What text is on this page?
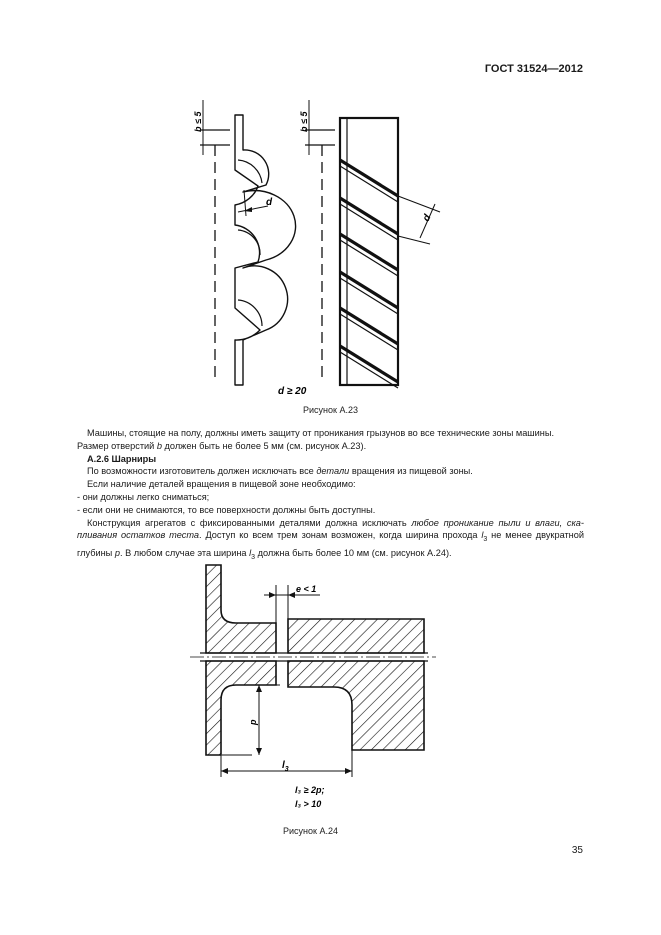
ГОСТ 31524—2012
b ≤ 5
d
b ≤ 5
d
d ≥ 20
Рисунок А.23

Машины, стоящие на полу, должны иметь защиту от проникания грызунов во все технические зоны машины.

Размер отверстий b должен быть не более 5 мм (см. рисунок А.23).

А.2.6 Шарниры

По возможности изготовитель должен исключать все детали вращения из пищевой зоны.

Если наличие деталей вращения в пищевой зоне необходимо:

- они должны легко сниматься;

- если они не снимаются, то все поверхности должны быть доступны.

Конструкция агрегатов с фиксированными деталями должна исключать любое проникание пыли и влаги, ска-

пливания остатков теста. Доступ ко всем трем зонам возможен, когда ширина прохода $l_3$ не менее двукратной

глубины p. В любом случае эта ширина $l_3$ должна быть более 10 мм (см. рисунок А.24).

e < 1
p
$l_3$
l₃ ≥ 2p;
l₃ > 10
Рисунок А.24
35
